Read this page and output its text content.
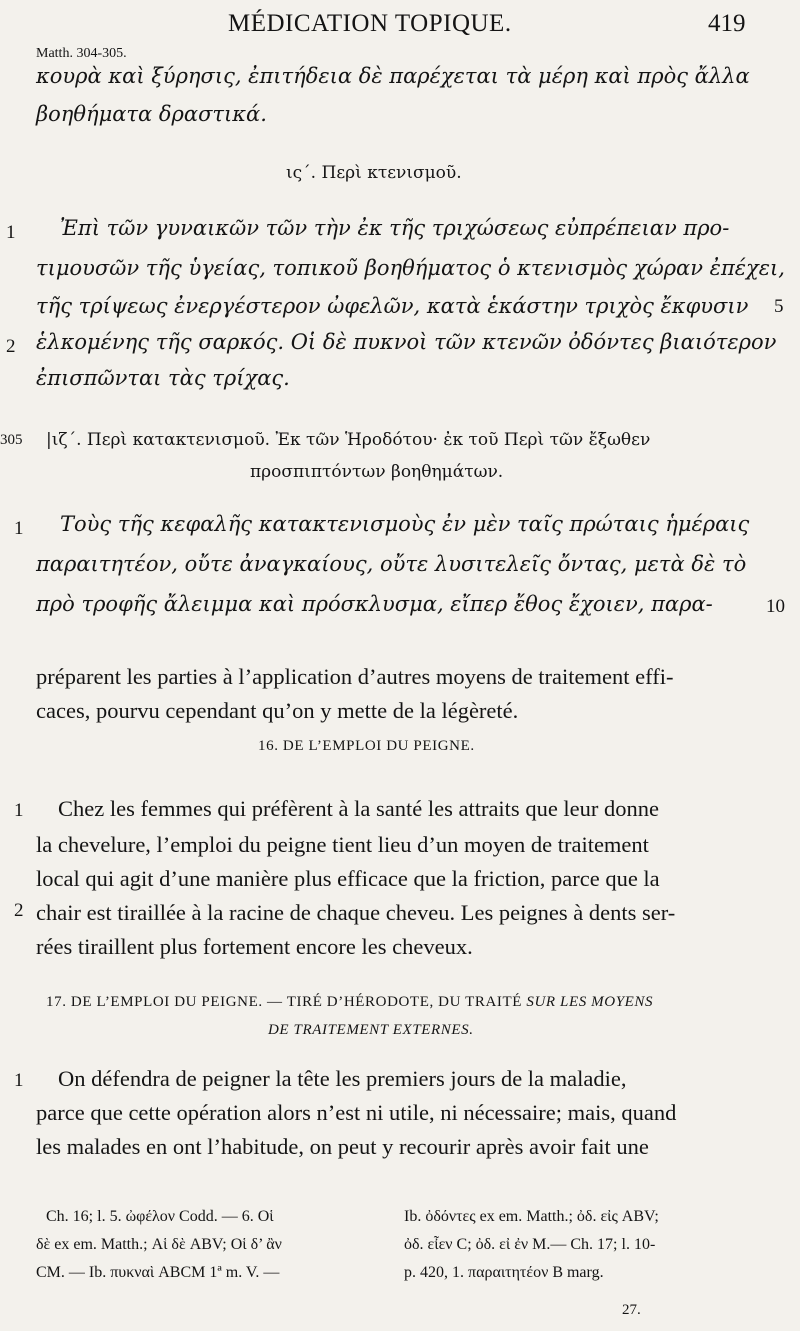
MÉDICATION TOPIQUE.	419
Matth. 304-305.
κουρὰ καὶ ξύρησις, ἐπιτήδεια δὲ παρέχεται τὰ μέρη καὶ πρὸς ἄλλα
βοηθήματα δραστικά.
ις΄. Περὶ κτενισμοῦ.
1 Ἐπὶ τῶν γυναικῶν τῶν τὴν ἐκ τῆς τριχώσεως εὐπρέπειαν προ-
τιμουσῶν τῆς ὑγείας, τοπικοῦ βοηθήματος ὁ κτενισμὸς χώραν ἐπέχει,
τῆς τρίψεως ἐνεργέστερον ὠφελῶν, κατὰ ἑκάστην τριχὸς ἔκφυσιν 5
2 ἑλκομένης τῆς σαρκός. Οἱ δὲ πυκνοὶ τῶν κτενῶν ὀδόντες βιαιότερον
ἐπισπῶνται τὰς τρίχας.
305 |ιζ΄. Περὶ κατακτενισμοῦ. Ἐκ τῶν Ἡροδότου· ἐκ τοῦ Περὶ τῶν ἔξωθεν
προσπιπτόντων βοηθημάτων.
1 Τοὺς τῆς κεφαλῆς κατακτενισμοὺς ἐν μὲν ταῖς πρώταις ἡμέραις
παραιτητέον, οὔτε ἀναγκαίους, οὔτε λυσιτελεῖς ὄντας, μετὰ δὲ τὸ
πρὸ τροφῆς ἄλειμμα καὶ πρόσκλυσμα, εἴπερ ἔθος ἔχοιεν, παρα-	10
préparent les parties à l’application d’autres moyens de traitement effi-
caces, pourvu cependant qu’on y mette de la légèreté.
16. DE L’EMPLOI DU PEIGNE.
1 Chez les femmes qui préfèrent à la santé les attraits que leur donne
la chevelure, l’emploi du peigne tient lieu d’un moyen de traitement
local qui agit d’une manière plus efficace que la friction, parce que la
2 chair est tiraillée à la racine de chaque cheveu. Les peignes à dents ser-
rées tiraillent plus fortement encore les cheveux.
17. DE L’EMPLOI DU PEIGNE. — TIRÉ D’HÉRODOTE, DU TRAITÉ SUR LES MOYENS
DE TRAITEMENT EXTERNES.
1 On défendra de peigner la tête les premiers jours de la maladie,
parce que cette opération alors n’est ni utile, ni nécessaire; mais, quand
les malades en ont l’habitude, on peut y recourir après avoir fait une
Ch. 16; l. 5. ὠφέλον Codd. — 6. Οἱ
δὲ ex em. Matth.; Αἱ δὲ ABV; Οἱ δ’ ἂν
CM. — Ib. πυκναὶ ABCM 1ª m. V. —
Ib. ὀδόντες ex em. Matth.; ὀδ. εἰς ABV;
ὀδ. εἶεν C; ὀδ. εἰ ἐν M.— Ch. 17; l. 10-
p. 420, 1. παραιτητέον B marg.
27.
